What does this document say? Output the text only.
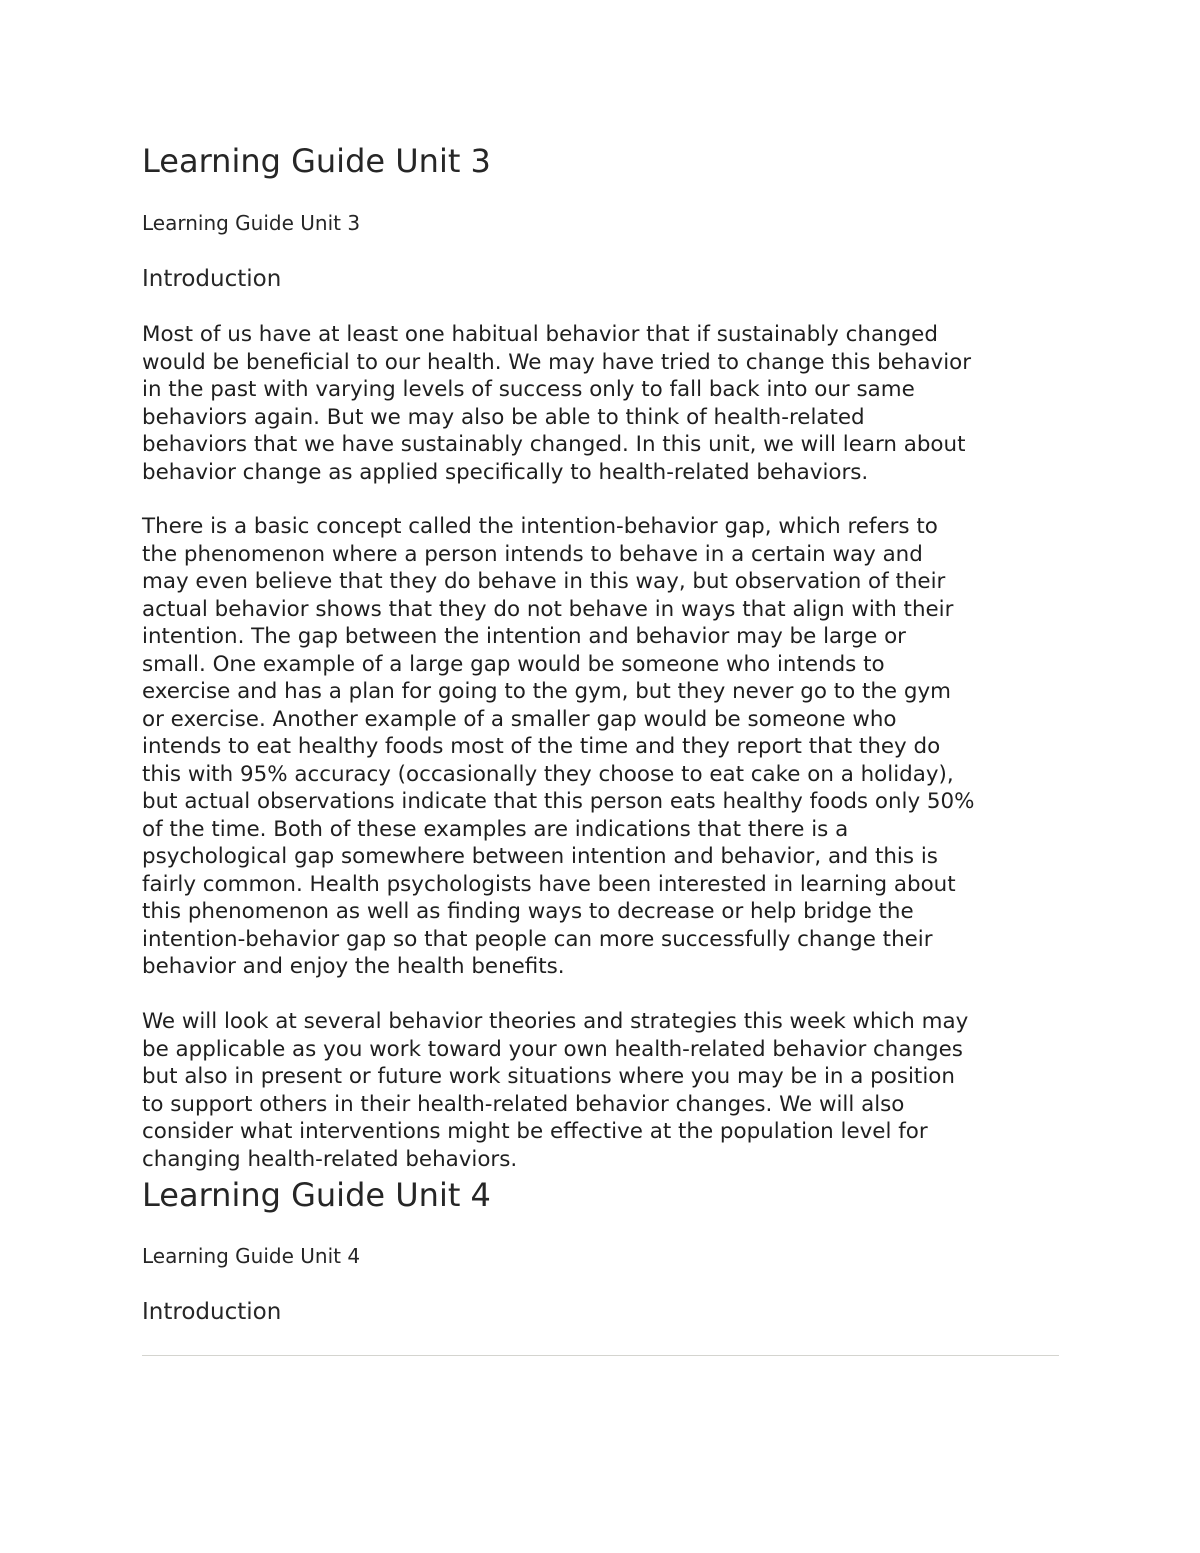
Learning Guide Unit 3
Learning Guide Unit 3
Introduction
Most of us have at least one habitual behavior that if sustainably changed
would be beneficial to our health. We may have tried to change this behavior
in the past with varying levels of success only to fall back into our same
behaviors again. But we may also be able to think of health-related
behaviors that we have sustainably changed. In this unit, we will learn about
behavior change as applied specifically to health-related behaviors.
There is a basic concept called the intention-behavior gap, which refers to
the phenomenon where a person intends to behave in a certain way and
may even believe that they do behave in this way, but observation of their
actual behavior shows that they do not behave in ways that align with their
intention. The gap between the intention and behavior may be large or
small. One example of a large gap would be someone who intends to
exercise and has a plan for going to the gym, but they never go to the gym
or exercise. Another example of a smaller gap would be someone who
intends to eat healthy foods most of the time and they report that they do
this with 95% accuracy (occasionally they choose to eat cake on a holiday),
but actual observations indicate that this person eats healthy foods only 50%
of the time. Both of these examples are indications that there is a
psychological gap somewhere between intention and behavior, and this is
fairly common. Health psychologists have been interested in learning about
this phenomenon as well as finding ways to decrease or help bridge the
intention-behavior gap so that people can more successfully change their
behavior and enjoy the health benefits.
We will look at several behavior theories and strategies this week which may
be applicable as you work toward your own health-related behavior changes
but also in present or future work situations where you may be in a position
to support others in their health-related behavior changes. We will also
consider what interventions might be effective at the population level for
changing health-related behaviors.
Learning Guide Unit 4
Learning Guide Unit 4
Introduction
